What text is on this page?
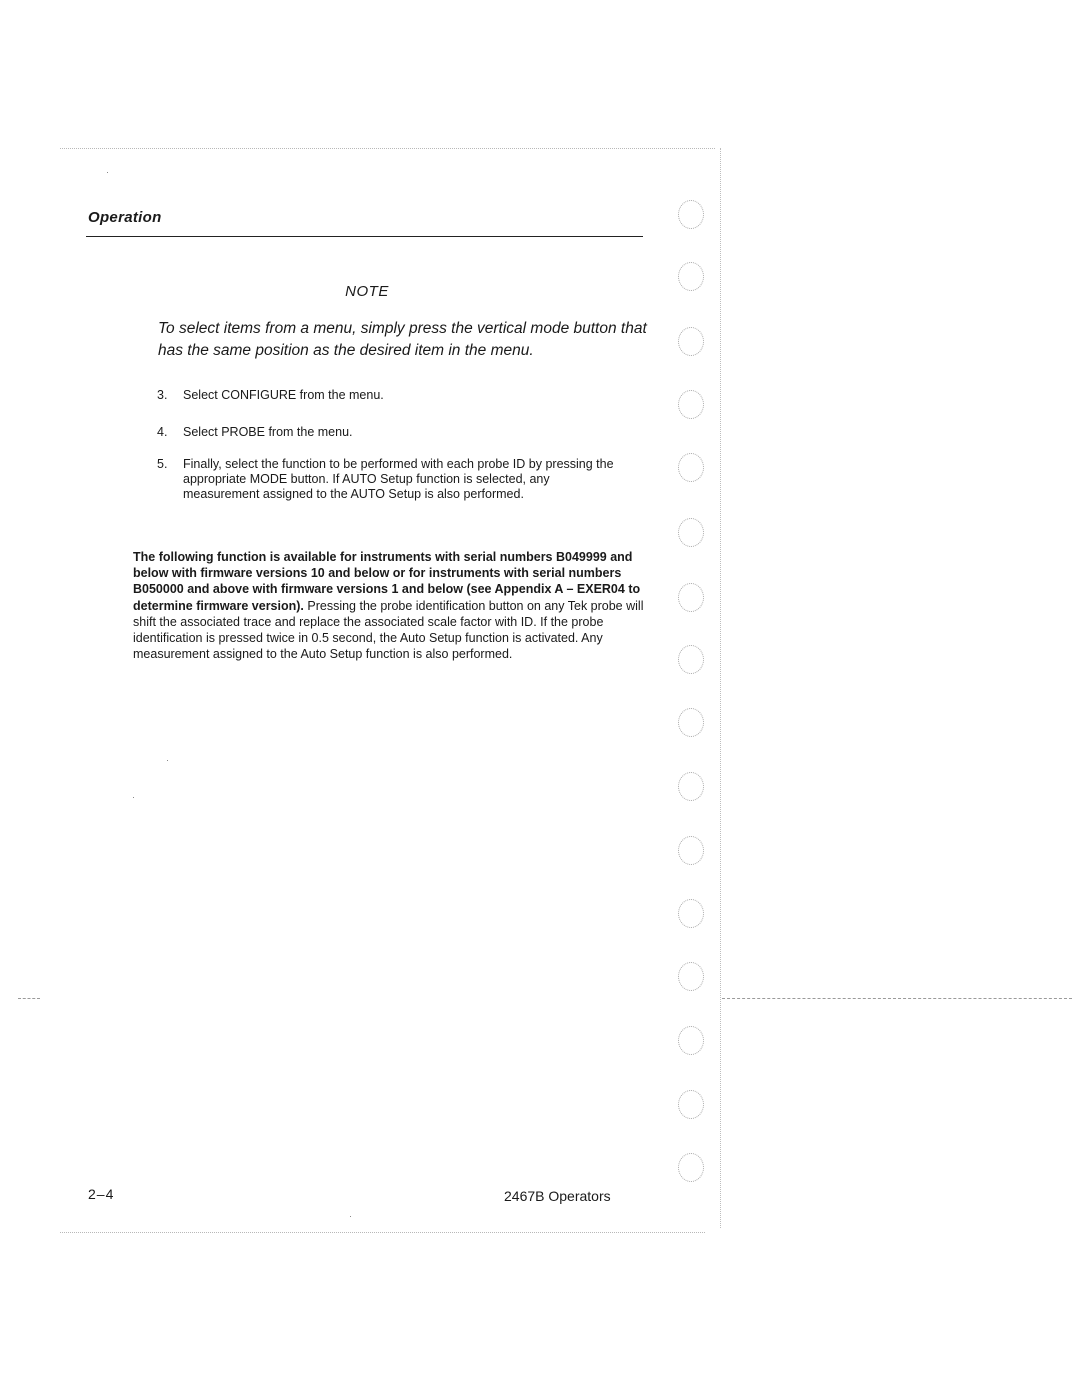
Operation
NOTE
To select items from a menu, simply press the vertical mode button that has the same position as the desired item in the menu.
3. Select CONFIGURE from the menu.
4. Select PROBE from the menu.
5. Finally, select the function to be performed with each probe ID by pressing the appropriate MODE button. If AUTO Setup function is selected, any measurement assigned to the AUTO Setup is also performed.
The following function is available for instruments with serial numbers B049999 and below with firmware versions 10 and below or for instruments with serial numbers B050000 and above with firmware versions 1 and below (see Appendix A – EXER04 to determine firmware version). Pressing the probe identification button on any Tek probe will shift the associated trace and replace the associated scale factor with ID. If the probe identification is pressed twice in 0.5 second, the Auto Setup function is activated. Any measurement assigned to the Auto Setup function is also performed.
2–4	2467B Operators
